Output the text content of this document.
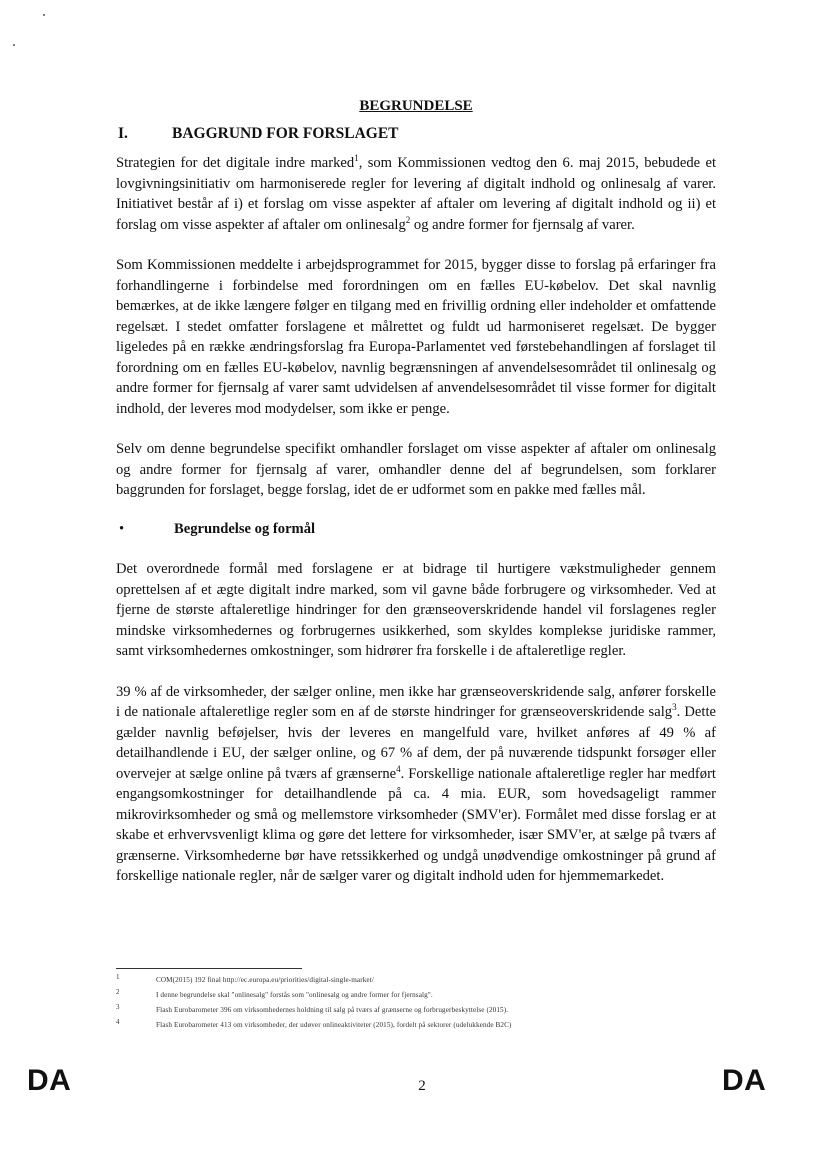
BEGRUNDELSE
I.	BAGGRUND FOR FORSLAGET

Strategien for det digitale indre marked$^1$, som Kommissionen vedtog den 6. maj 2015, bebudede et lovgivningsinitiativ om harmoniserede regler for levering af digitalt indhold og onlinesalg af varer. Initiativet består af i) et forslag om visse aspekter af aftaler om levering af digitalt indhold og ii) et forslag om visse aspekter af aftaler om onlinesalg$^2$ og andre former for fjernsalg af varer.

Som Kommissionen meddelte i arbejdsprogrammet for 2015, bygger disse to forslag på erfaringer fra forhandlingerne i forbindelse med forordningen om en fælles EU-købelov. Det skal navnlig bemærkes, at de ikke længere følger en tilgang med en frivillig ordning eller indeholder et omfattende regelsæt. I stedet omfatter forslagene et målrettet og fuldt ud harmoniseret regelsæt. De bygger ligeledes på en række ændringsforslag fra Europa-Parlamentet ved førstebehandlingen af forslaget til forordning om en fælles EU-købelov, navnlig begrænsningen af anvendelsesområdet til onlinesalg og andre former for fjernsalg af varer samt udvidelsen af anvendelsesområdet til visse former for digitalt indhold, der leveres mod modydelser, som ikke er penge.

Selv om denne begrundelse specifikt omhandler forslaget om visse aspekter af aftaler om onlinesalg og andre former for fjernsalg af varer, omhandler denne del af begrundelsen, som forklarer baggrunden for forslaget, begge forslag, idet de er udformet som en pakke med fælles mål.

•	Begrundelse og formål

Det overordnede formål med forslagene er at bidrage til hurtigere vækstmuligheder gennem oprettelsen af et ægte digitalt indre marked, som vil gavne både forbrugere og virksomheder. Ved at fjerne de største aftaleretlige hindringer for den grænseoverskridende handel vil forslagenes regler mindske virksomhedernes og forbrugernes usikkerhed, som skyldes komplekse juridiske rammer, samt virksomhedernes omkostninger, som hidrører fra forskelle i de aftaleretlige regler.

39 % af de virksomheder, der sælger online, men ikke har grænseoverskridende salg, anfører forskelle i de nationale aftaleretlige regler som en af de største hindringer for grænseoverskridende salg$^3$. Dette gælder navnlig beføjelser, hvis der leveres en mangelfuld vare, hvilket anføres af 49 % af detailhandlende i EU, der sælger online, og 67 % af dem, der på nuværende tidspunkt forsøger eller overvejer at sælge online på tværs af grænserne$^4$. Forskellige nationale aftaleretlige regler har medført engangsomkostninger for detailhandlende på ca. 4 mia. EUR, som hovedsageligt rammer mikrovirksomheder og små og mellemstore virksomheder (SMV'er). Formålet med disse forslag er at skabe et erhvervsvenligt klima og gøre det lettere for virksomheder, især SMV'er, at sælge på tværs af grænserne. Virksomhederne bør have retssikkerhed og undgå unødvendige omkostninger på grund af forskellige nationale regler, når de sælger varer og digitalt indhold uden for hjemmemarkedet.

1	COM(2015) 192 final http://ec.europa.eu/priorities/digital-single-market/
2	I denne begrundelse skal "onlinesalg" forstås som "onlinesalg og andre former for fjernsalg".
3	Flash Eurobarometer 396 om virksomhedernes holdning til salg på tværs af grænserne og forbrugerbeskyttelse (2015).
4	Flash Eurobarometer 413 om virksomheder, der udøver onlineaktiviteter (2015), fordelt på sektorer (udelukkende B2C)
DA	2	DA
